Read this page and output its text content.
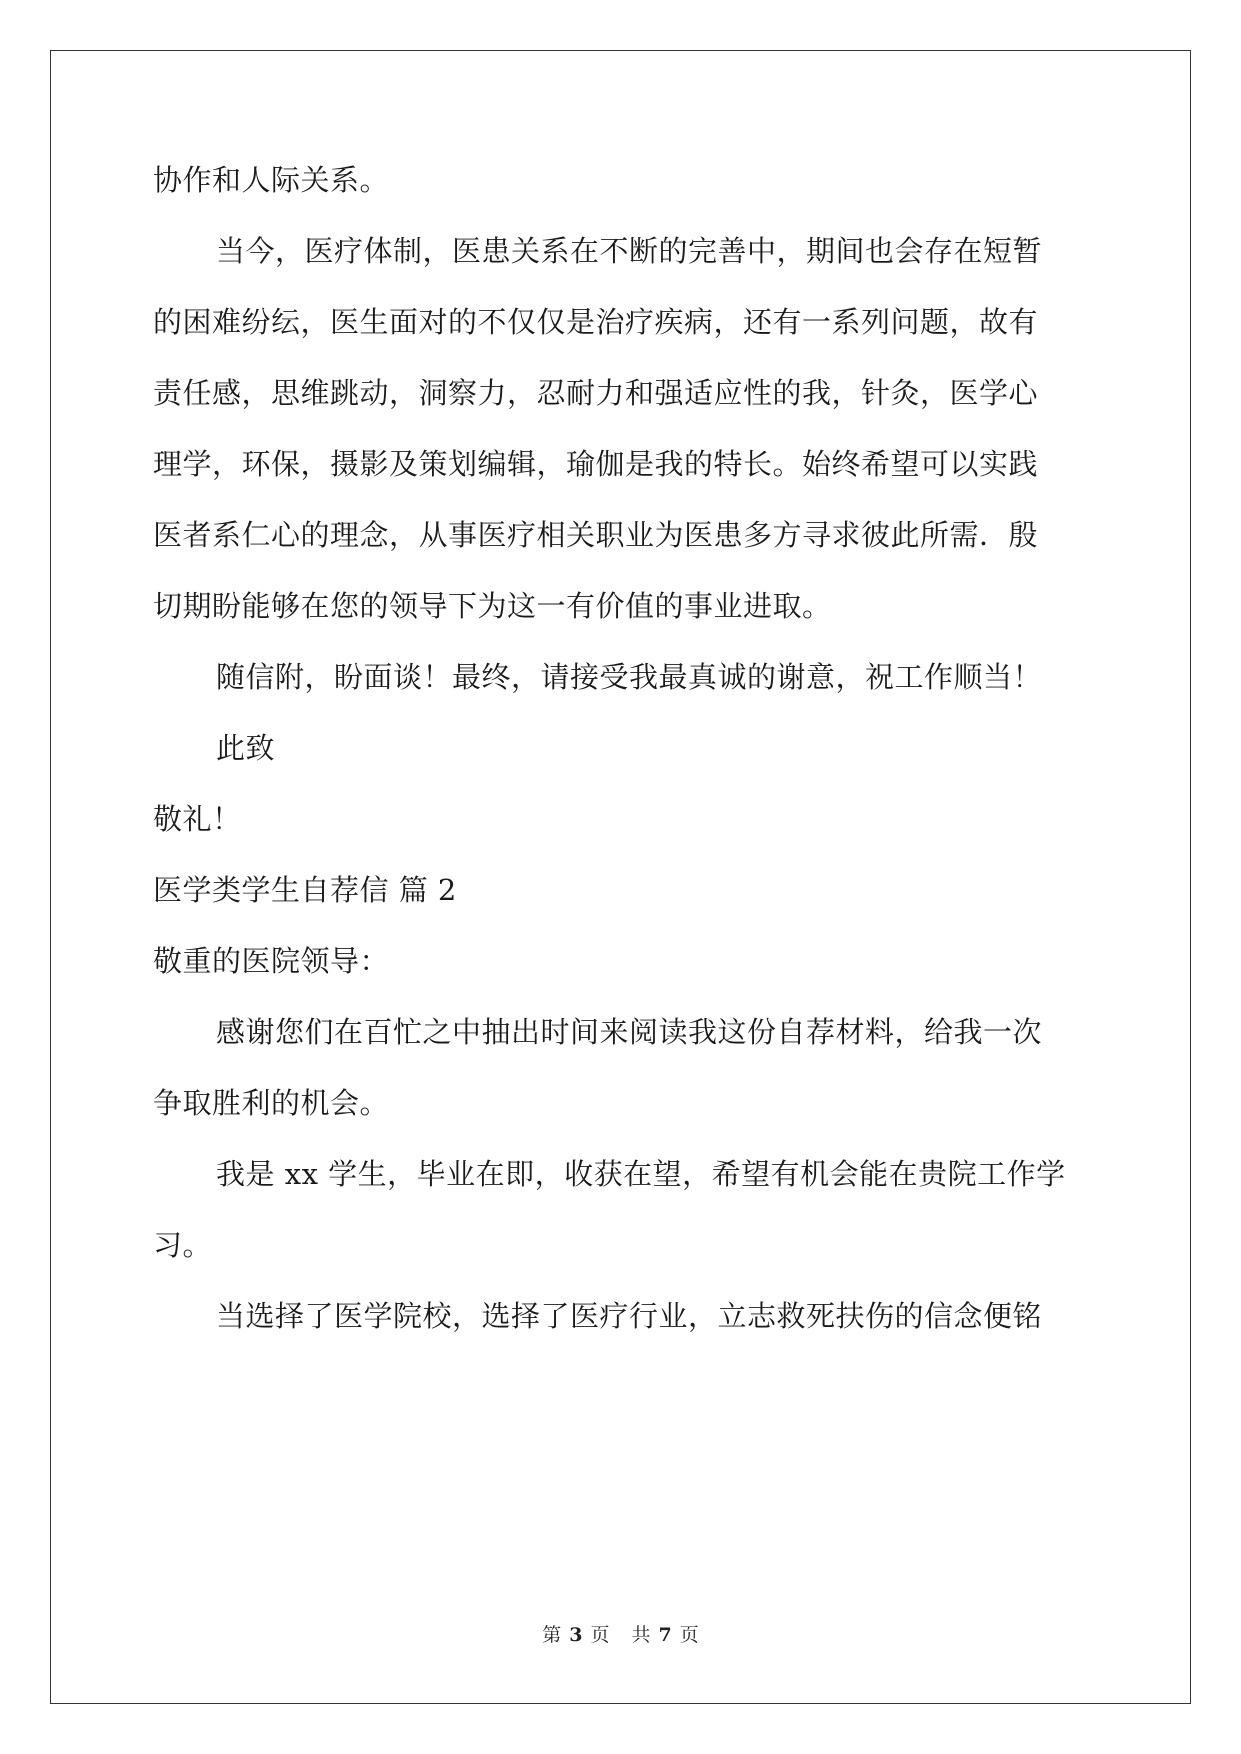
协作和人际关系。
当今，医疗体制，医患关系在不断的完善中，期间也会存在短暂
的困难纷纭，医生面对的不仅仅是治疗疾病，还有一系列问题，故有
责任感，思维跳动，洞察力，忍耐力和强适应性的我，针灸，医学心
理学，环保，摄影及策划编辑，瑜伽是我的特长。始终希望可以实践
医者系仁心的理念，从事医疗相关职业为医患多方寻求彼此所需．殷
切期盼能够在您的领导下为这一有价值的事业进取。
随信附，盼面谈！最终，请接受我最真诚的谢意，祝工作顺当！
此致
敬礼！
医学类学生自荐信 篇 2
敬重的医院领导：
感谢您们在百忙之中抽出时间来阅读我这份自荐材料，给我一次
争取胜利的机会。
我是 xx 学生，毕业在即，收获在望，希望有机会能在贵院工作学
习。
当选择了医学院校，选择了医疗行业，立志救死扶伤的信念便铭
第 3 页 共 7 页
